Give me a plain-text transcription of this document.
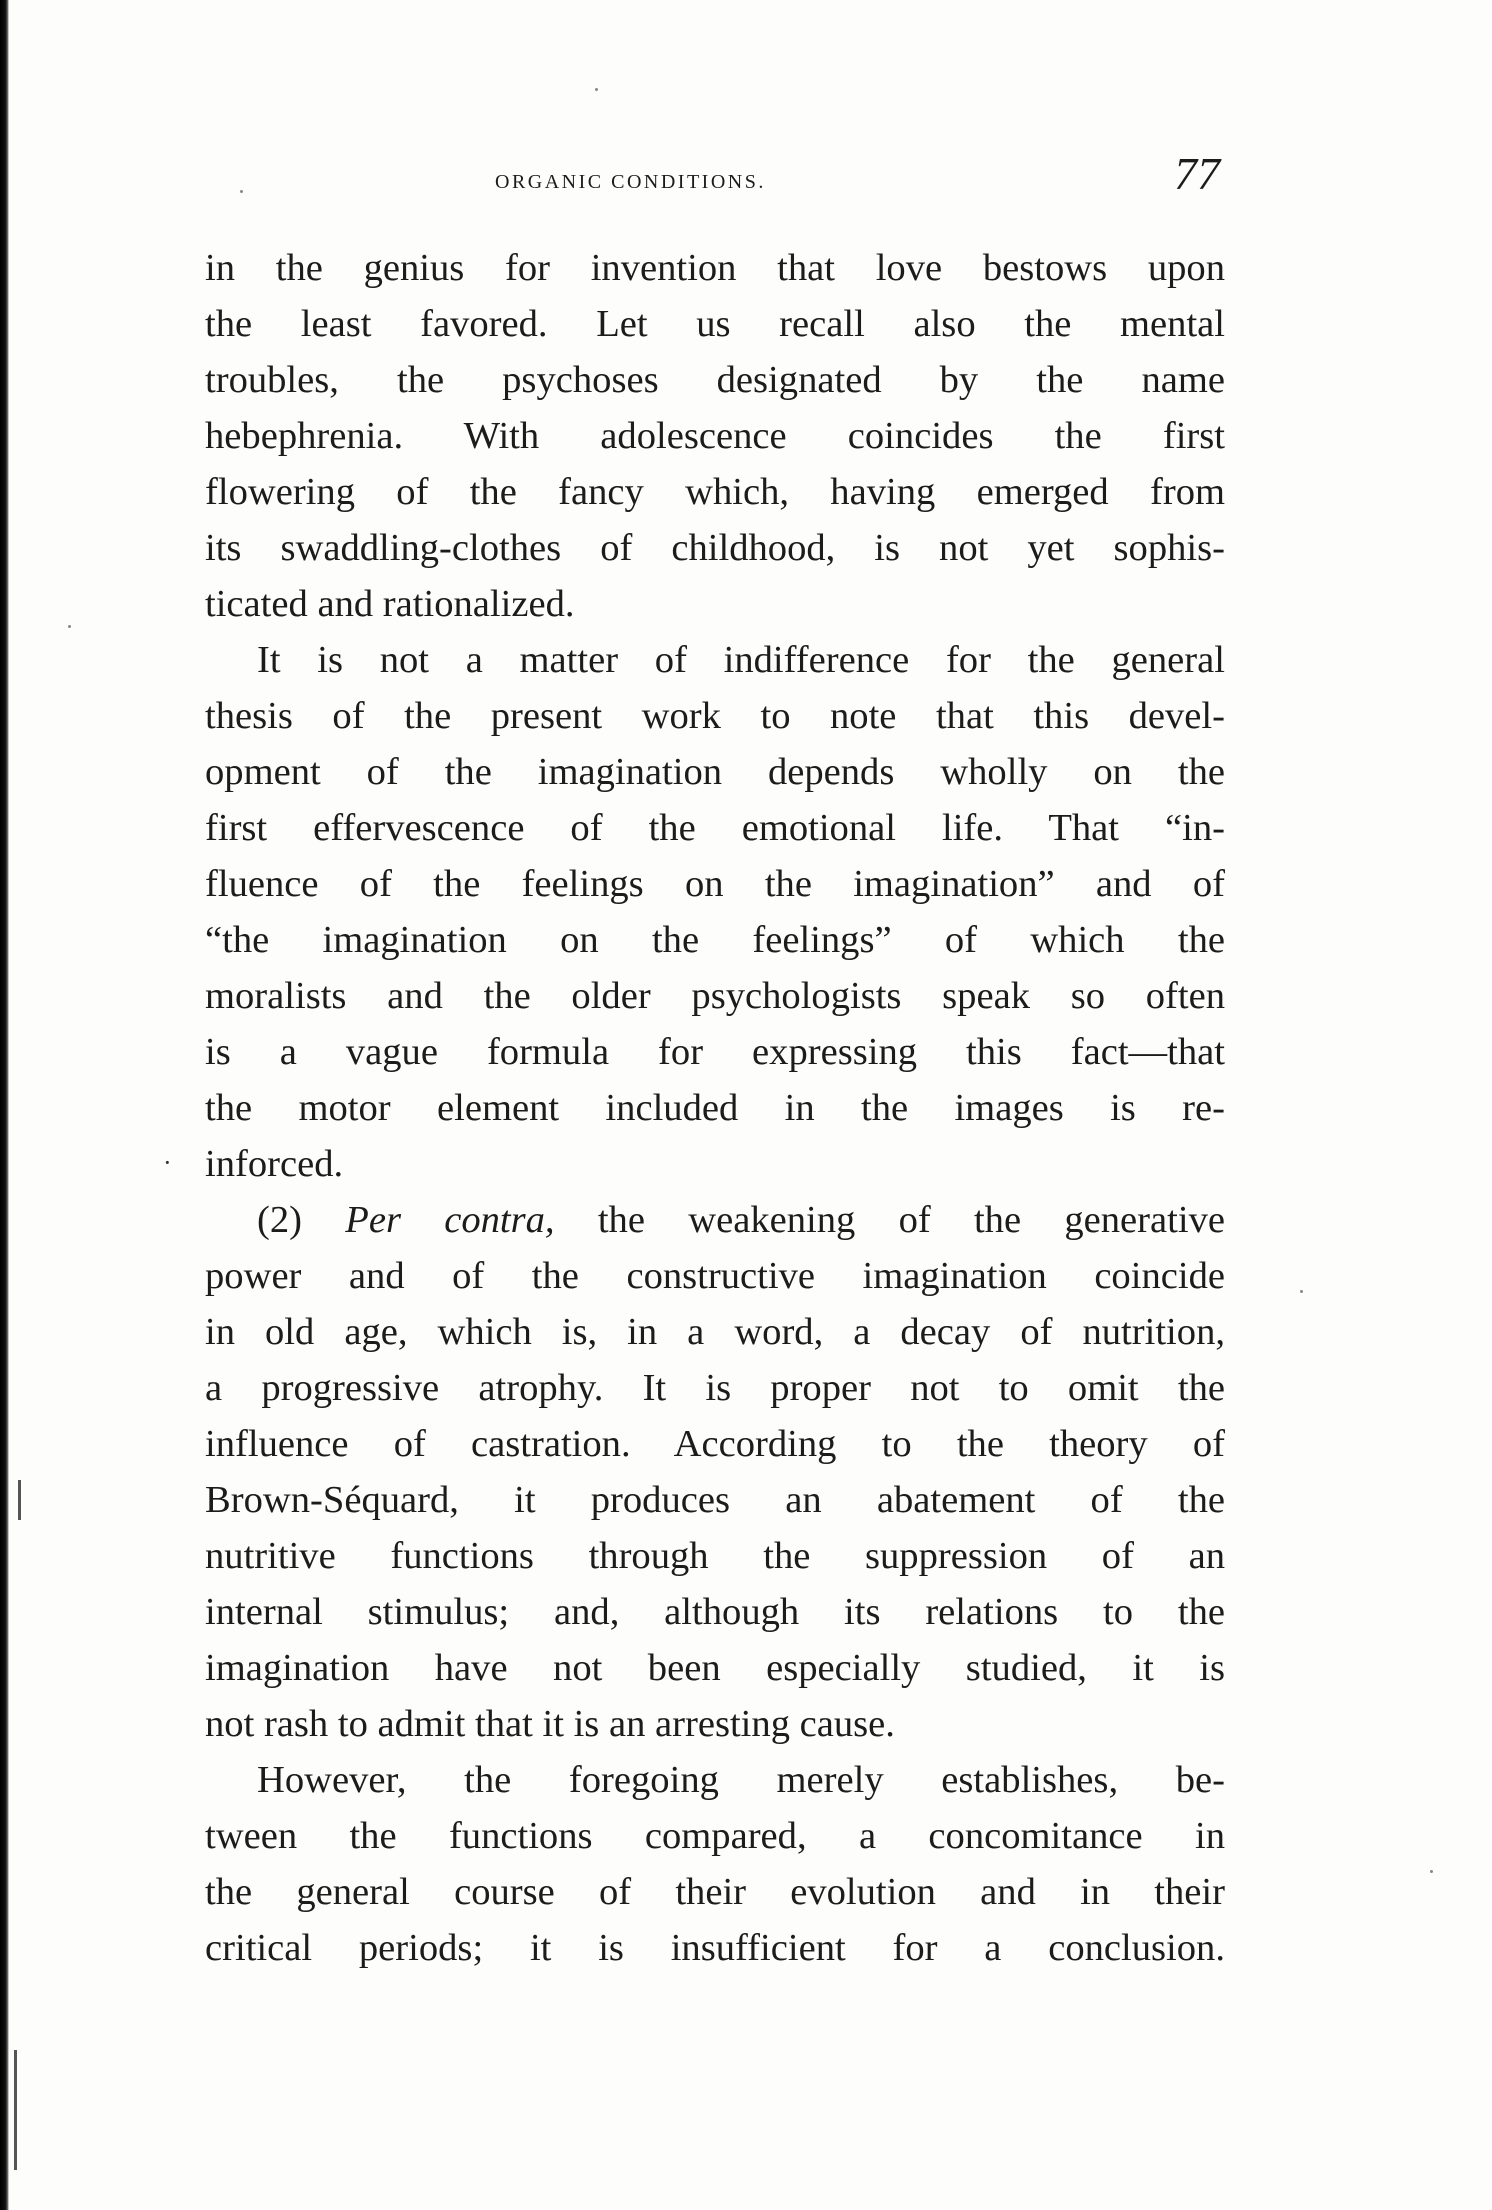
organic conditions.	77
·
in the genius for invention that love bestows upon
the least favored. Let us recall also the mental
troubles, the psychoses designated by the name
hebephrenia. With adolescence coincides the first
flowering of the fancy which, having emerged from
its swaddling-clothes of childhood, is not yet sophis-
ticated and rationalized.
It is not a matter of indifference for the general
thesis of the present work to note that this devel-
opment of the imagination depends wholly on the
first effervescence of the emotional life. That “in-
fluence of the feelings on the imagination” and of
“the imagination on the feelings” of which the
moralists and the older psychologists speak so often
is a vague formula for expressing this fact—that
the motor element included in the images is re-
inforced.
(2) Per contra, the weakening of the generative
power and of the constructive imagination coincide
in old age, which is, in a word, a decay of nutrition,
a progressive atrophy. It is proper not to omit the
influence of castration. According to the theory of
Brown-Séquard, it produces an abatement of the
nutritive functions through the suppression of an
internal stimulus; and, although its relations to the
imagination have not been especially studied, it is
not rash to admit that it is an arresting cause.
However, the foregoing merely establishes, be-
tween the functions compared, a concomitance in
the general course of their evolution and in their
critical periods; it is insufficient for a conclusion.
